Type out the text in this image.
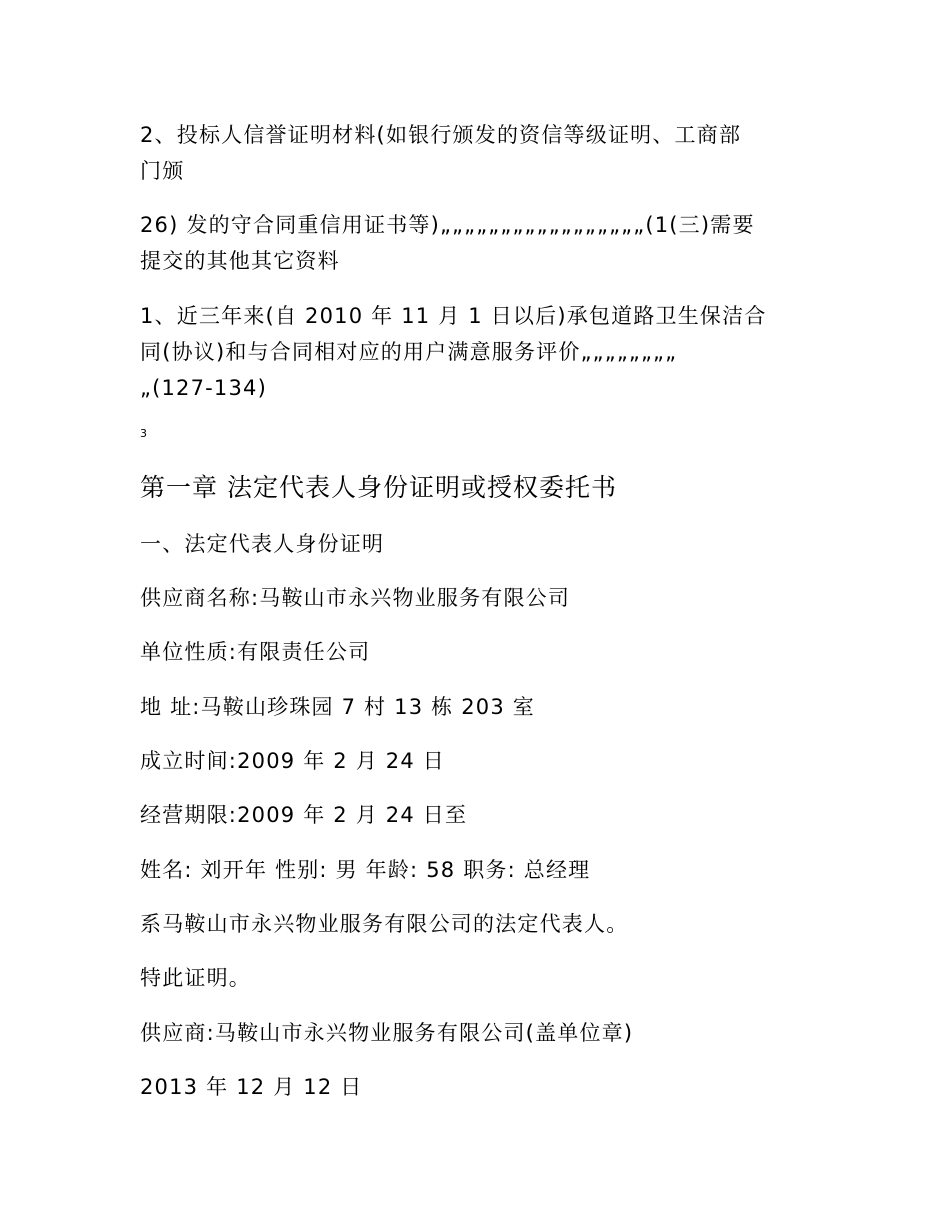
2、投标人信誉证明材料(如银行颁发的资信等级证明、工商部
门颁
26) 发的守合同重信用证书等)„„„„„„„„„„„„„„„„„(1(三)需要
提交的其他其它资料
1、近三年来(自 2010 年 11 月 1 日以后)承包道路卫生保洁合
同(协议)和与合同相对应的用户满意服务评价„„„„„„„„
„(127-134)
3
第一章 法定代表人身份证明或授权委托书
一、法定代表人身份证明
供应商名称:马鞍山市永兴物业服务有限公司
单位性质:有限责任公司
地 址:马鞍山珍珠园 7 村 13 栋 203 室
成立时间:2009 年 2 月 24 日
经营期限:2009 年 2 月 24 日至
姓名: 刘开年 性别: 男 年龄: 58 职务: 总经理
系马鞍山市永兴物业服务有限公司的法定代表人。
特此证明。
供应商:马鞍山市永兴物业服务有限公司(盖单位章)
2013 年 12 月 12 日
